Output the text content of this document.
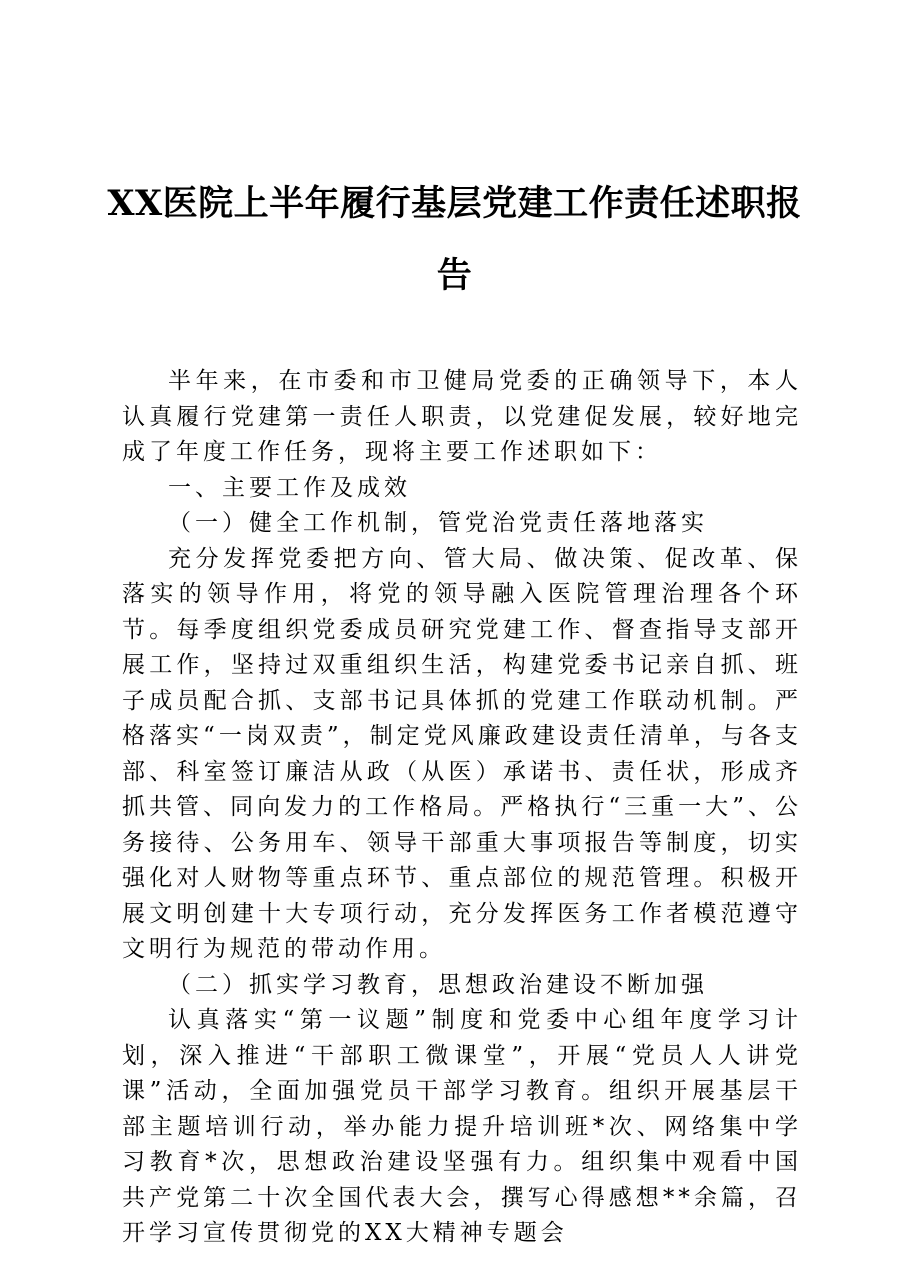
XX医院上半年履行基层党建工作责任述职报
告

半年来，在市委和市卫健局党委的正确领导下，本人认真履行党建第一责任人职责，以党建促发展，较好地完成了年度工作任务，现将主要工作述职如下：

一、主要工作及成效

（一）健全工作机制，管党治党责任落地落实

充分发挥党委把方向、管大局、做决策、促改革、保落实的领导作用，将党的领导融入医院管理治理各个环节。每季度组织党委成员研究党建工作、督查指导支部开展工作，坚持过双重组织生活，构建党委书记亲自抓、班子成员配合抓、支部书记具体抓的党建工作联动机制。严格落实“一岗双责”，制定党风廉政建设责任清单，与各支部、科室签订廉洁从政（从医）承诺书、责任状，形成齐抓共管、同向发力的工作格局。严格执行“三重一大”、公务接待、公务用车、领导干部重大事项报告等制度，切实强化对人财物等重点环节、重点部位的规范管理。积极开展文明创建十大专项行动，充分发挥医务工作者模范遵守文明行为规范的带动作用。

（二）抓实学习教育，思想政治建设不断加强

认真落实“第一议题”制度和党委中心组年度学习计划，深入推进“干部职工微课堂”，开展“党员人人讲党课”活动，全面加强党员干部学习教育。组织开展基层干部主题培训行动，举办能力提升培训班*次、网络集中学习教育*次，思想政治建设坚强有力。组织集中观看中国共产党第二十次全国代表大会，撰写心得感想**余篇，召开学习宣传贯彻党的XX大精神专题会
